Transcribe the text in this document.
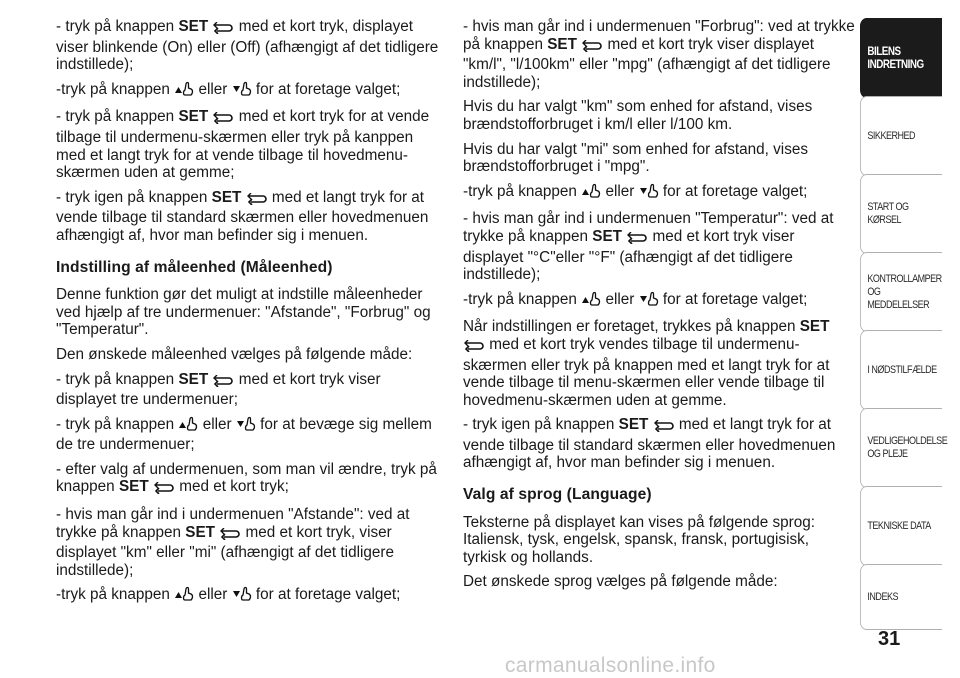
- tryk på knappen SET  med et kort tryk, displayet viser blinkende (On) eller (Off) (afhængigt af det tidligere indstillede);

-tryk på knappen  eller  for at foretage valget;

- tryk på knappen SET  med et kort tryk for at vende tilbage til undermenu-skærmen eller tryk på kanppen med et langt tryk for at vende tilbage til hovedmenu-skærmen uden at gemme;

- tryk igen på knappen SET  med et langt tryk for at vende tilbage til standard skærmen eller hovedmenuen afhængigt af, hvor man befinder sig i menuen.

Indstilling af måleenhed (Måleenhed)

Denne funktion gør det muligt at indstille måleenheder ved hjælp af tre undermenuer: "Afstande", "Forbrug" og "Temperatur".

Den ønskede måleenhed vælges på følgende måde:

- tryk på knappen SET  med et kort tryk viser displayet tre undermenuer;

- tryk på knappen  eller  for at bevæge sig mellem de tre undermenuer;

- efter valg af undermenuen, som man vil ændre, tryk på knappen SET  med et kort tryk;

- hvis man går ind i undermenuen "Afstande": ved at trykke på knappen SET  med et kort tryk, viser displayet "km" eller "mi" (afhængigt af det tidligere indstillede);

-tryk på knappen  eller  for at foretage valget;

- hvis man går ind i undermenuen "Forbrug": ved at trykke på knappen SET  med et kort tryk viser displayet "km/l", "l/100km" eller "mpg" (afhængigt af det tidligere indstillede);

Hvis du har valgt "km" som enhed for afstand, vises brændstofforbruget i km/l eller l/100 km.

Hvis du har valgt "mi" som enhed for afstand, vises brændstofforbruget i "mpg".

-tryk på knappen  eller  for at foretage valget;

- hvis man går ind i undermenuen "Temperatur": ved at trykke på knappen SET  med et kort tryk viser displayet "°C"eller "°F" (afhængigt af det tidligere indstillede);

-tryk på knappen  eller  for at foretage valget;

Når indstillingen er foretaget, trykkes på knappen SET  med et kort tryk vendes tilbage til undermenu-skærmen eller tryk på knappen med et langt tryk for at vende tilbage til menu-skærmen eller vende tilbage til hovedmenu-skærmen uden at gemme.

- tryk igen på knappen SET  med et langt tryk for at vende tilbage til standard skærmen eller hovedmenuen afhængigt af, hvor man befinder sig i menuen.

Valg af sprog (Language)

Teksterne på displayet kan vises på følgende sprog: Italiensk, tysk, engelsk, spansk, fransk, portugisisk, tyrkisk og hollands.

Det ønskede sprog vælges på følgende måde:

BILENS INDRETNING
SIKKERHED
START OG KØRSEL
KONTROLLAMPER OG MEDDELELSER
I NØDSTILFÆLDE
VEDLIGEHOLDELSE OG PLEJE
TEKNISKE DATA
INDEKS
31
carmanualsonline.info
